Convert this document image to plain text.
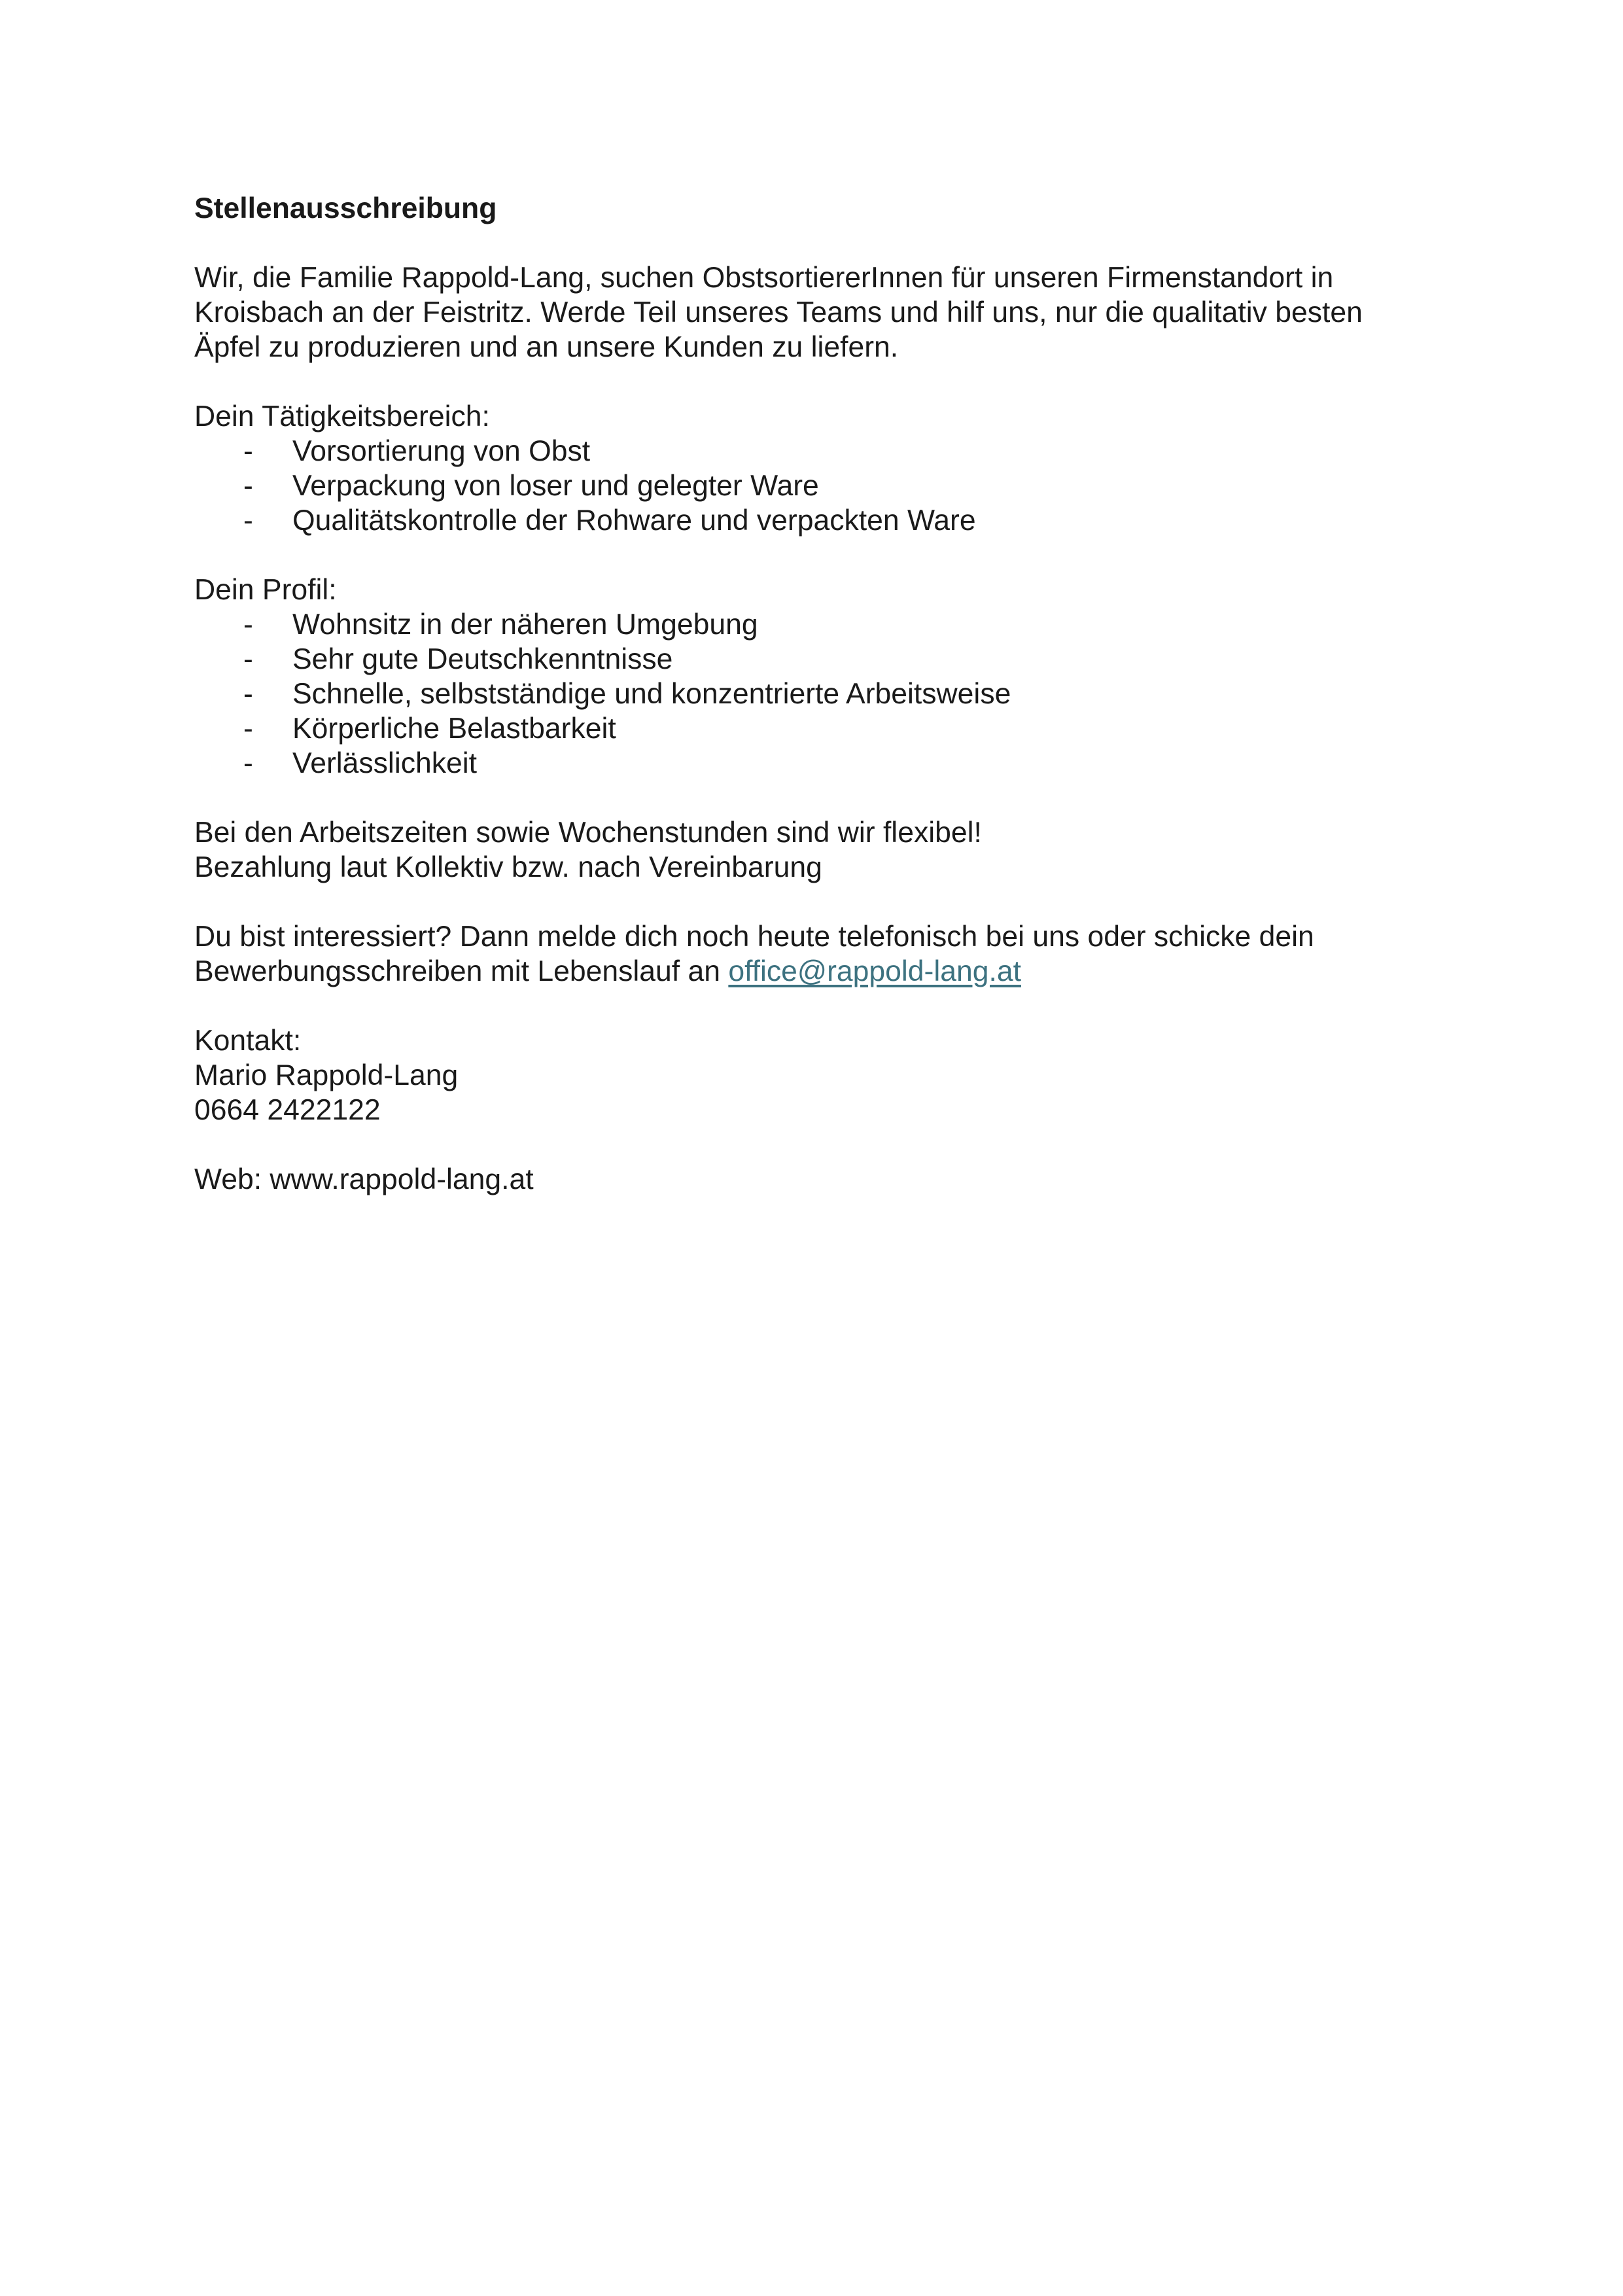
Stellenausschreibung
Wir, die Familie Rappold-Lang, suchen ObstsortiererInnen für unseren Firmenstandort in
Kroisbach an der Feistritz. Werde Teil unseres Teams und hilf uns, nur die qualitativ besten
Äpfel zu produzieren und an unsere Kunden zu liefern.
Dein Tätigkeitsbereich:
- Vorsortierung von Obst
- Verpackung von loser und gelegter Ware
- Qualitätskontrolle der Rohware und verpackten Ware
Dein Profil:
- Wohnsitz in der näheren Umgebung
- Sehr gute Deutschkenntnisse
- Schnelle, selbstständige und konzentrierte Arbeitsweise
- Körperliche Belastbarkeit
- Verlässlichkeit
Bei den Arbeitszeiten sowie Wochenstunden sind wir flexibel!
Bezahlung laut Kollektiv bzw. nach Vereinbarung
Du bist interessiert? Dann melde dich noch heute telefonisch bei uns oder schicke dein
Bewerbungsschreiben mit Lebenslauf an office@rappold-lang.at
Kontakt:
Mario Rappold-Lang
0664 2422122
Web: www.rappold-lang.at
